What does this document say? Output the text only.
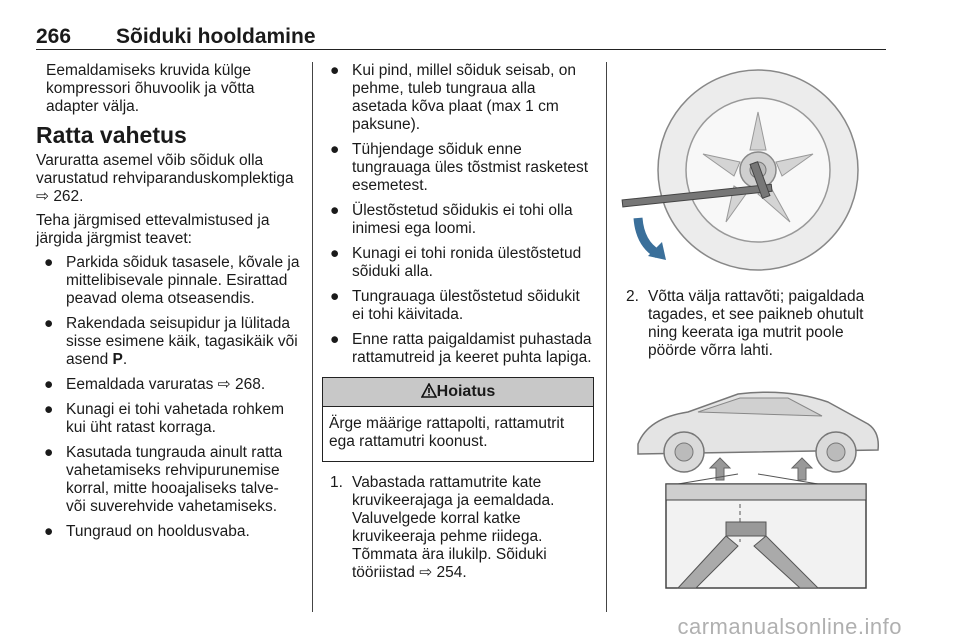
266	Sõiduki hooldamine
Eemaldamiseks kruvida külge kompressori õhuvoolik ja võtta adapter välja.
Ratta vahetus
Varuratta asemel võib sõiduk olla varustatud rehviparanduskomplektiga ⇨ 262.
Teha järgmised ettevalmistused ja järgida järgmist teavet:
● Parkida sõiduk tasasele, kõvale ja mittelibisevale pinnale. Esirattad peavad olema otseasendis.
● Rakendada seisupidur ja lülitada sisse esimene käik, tagasikäik või asend P.
● Eemaldada varuratas ⇨ 268.
● Kunagi ei tohi vahetada rohkem kui üht ratast korraga.
● Kasutada tungrauda ainult ratta vahetamiseks rehvipurunemise korral, mitte hooajaliseks talve- või suverehvide vahetamiseks.
● Tungraud on hooldusvaba.
● Kui pind, millel sõiduk seisab, on pehme, tuleb tungraua alla asetada kõva plaat (max 1 cm paksune).
● Tühjendage sõiduk enne tungrauaga üles tõstmist rasketest esemetest.
● Ülestõstetud sõidukis ei tohi olla inimesi ega loomi.
● Kunagi ei tohi ronida ülestõstetud sõiduki alla.
● Tungrauaga ülestõstetud sõidukit ei tohi käivitada.
● Enne ratta paigaldamist puhastada rattamutreid ja keeret puhta lapiga.
Hoiatus
Ärge määrige rattapolti, rattamutrit ega rattamutri koonust.
1. Vabastada rattamutrite kate kruvikeerajaga ja eemaldada. Valuvelgede korral katke kruvikeeraja pehme riidega. Tõmmata ära ilukilp. Sõiduki tööriistad ⇨ 254.
2. Võtta välja rattavõti; paigaldada tagades, et see paikneb ohutult ning keerata iga mutrit poole pöörde võrra lahti.
carmanualsonline.info
